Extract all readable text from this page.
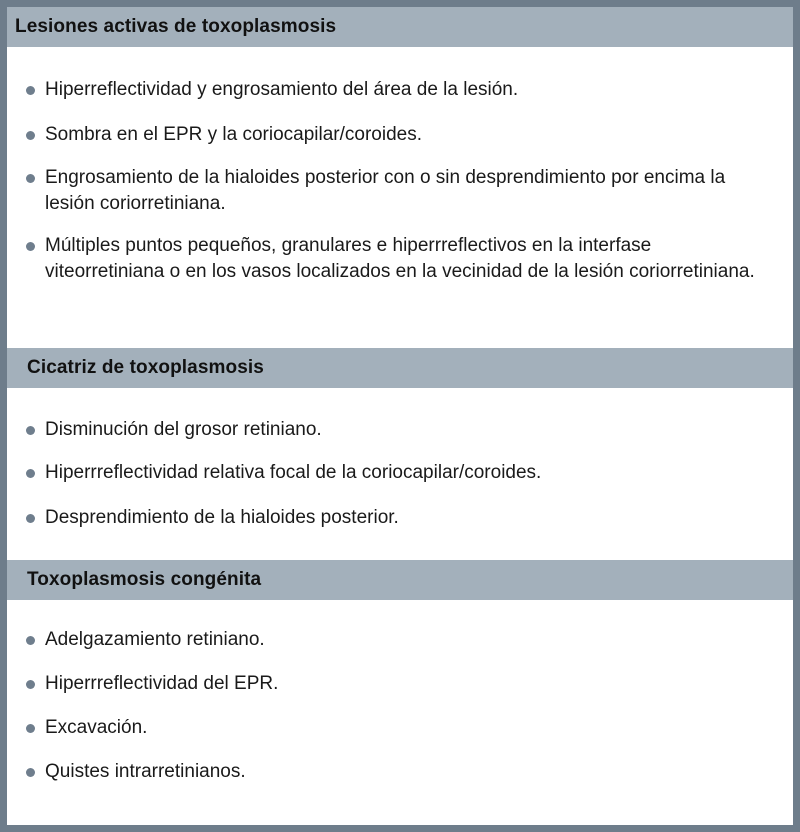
Lesiones activas de toxoplasmosis
Hiperreflectividad y engrosamiento del área de la lesión.
Sombra en el EPR y la coriocapilar/coroides.
Engrosamiento de la hialoides posterior con o sin desprendimiento por encima la lesión coriorretiniana.
Múltiples puntos pequeños, granulares e hiperrreflectivos en la interfase viteorretiniana o en los vasos localizados en la vecinidad de la lesión coriorretiniana.
Cicatriz de toxoplasmosis
Disminución del grosor retiniano.
Hiperrreflectividad relativa focal de la coriocapilar/coroides.
Desprendimiento de la hialoides posterior.
Toxoplasmosis congénita
Adelgazamiento retiniano.
Hiperrreflectividad del EPR.
Excavación.
Quistes intrarretinianos.
